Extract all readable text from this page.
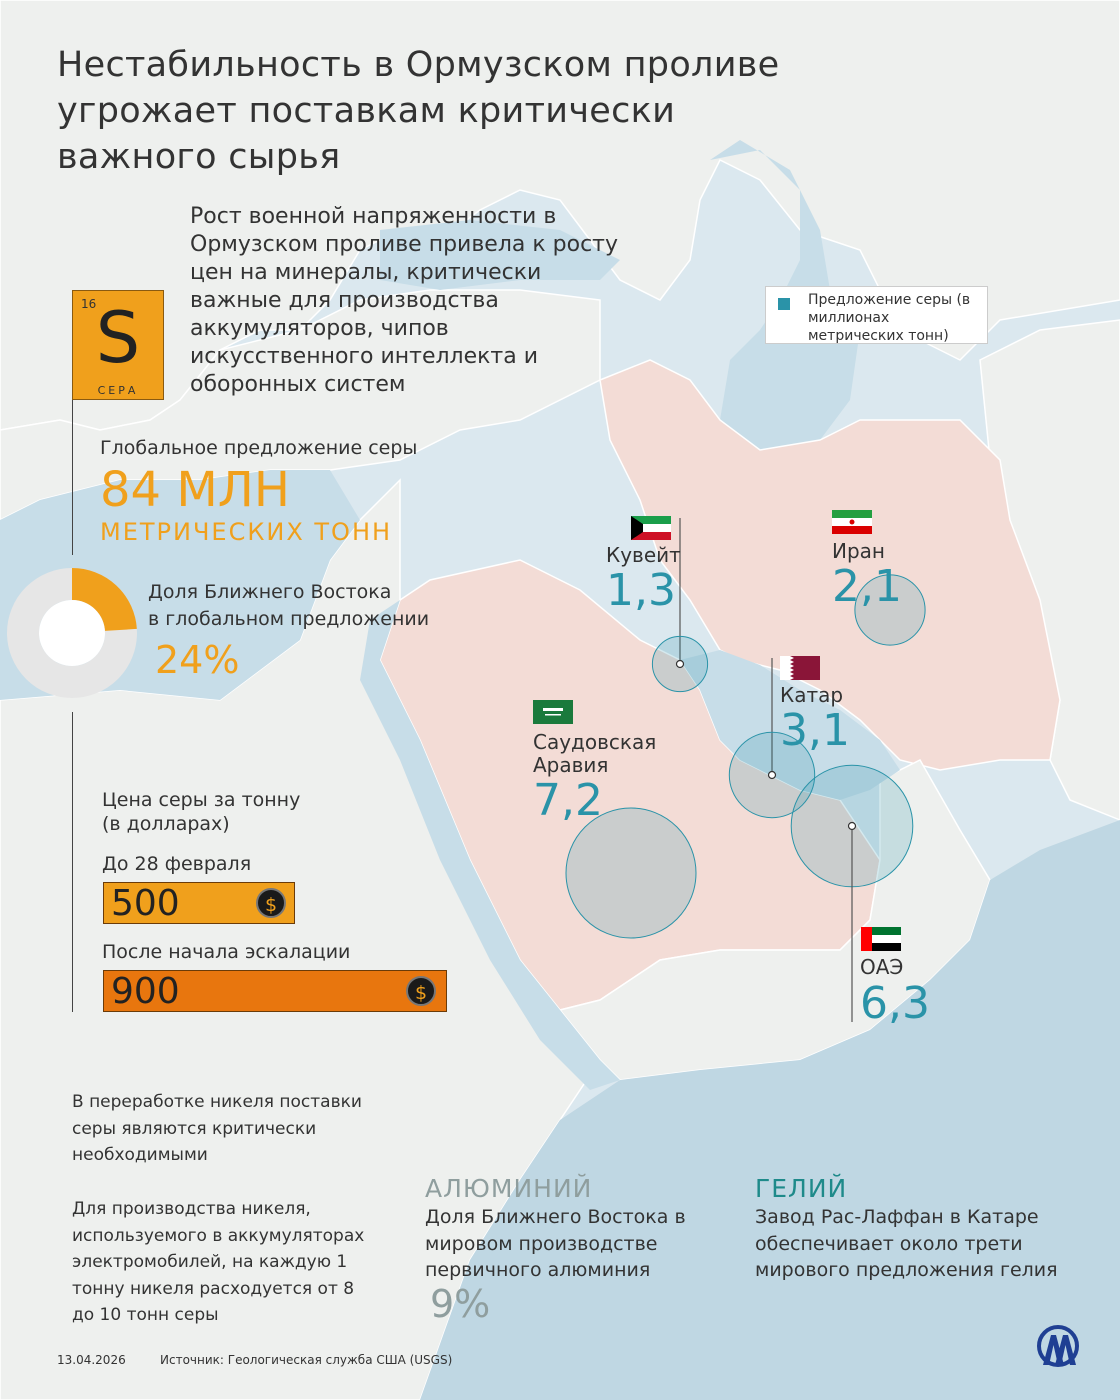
Нестабильность в Ормузском проливе угрожает поставкам критически важного сырья
Рост военной напряженности в Ормузском проливе привела к росту цен на минералы, критически важные для производства аккумуляторов, чипов искусственного интеллекта и оборонных систем
16 S
СЕРА
Глобальное предложение серы
84 МЛН
МЕТРИЧЕСКИХ ТОНН
Доля Ближнего Востока
в глобальном предложении
24%
Цена серы за тонну
(в долларах)
До 28 февраля
500	$
После начала эскалации
900	$
Предложение серы (в миллионах метрических тонн)
Кувейт
1,3
Иран
2,1
Катар
3,1
Саудовская
Аравия
7,2
ОАЭ
6,3
В переработке никеля поставки
серы являются критически
необходимыми
Для производства никеля,
используемого в аккумуляторах
электромобилей, на каждую 1
тонну никеля расходуется от 8
до 10 тонн серы
АЛЮМИНИЙ
Доля Ближнего Востока в
мировом производстве
первичного алюминия
9%
ГЕЛИЙ
Завод Рас-Лаффан в Катаре
обеспечивает около трети
мирового предложения гелия
13.04.2026	Источник: Геологическая служба США (USGS)
